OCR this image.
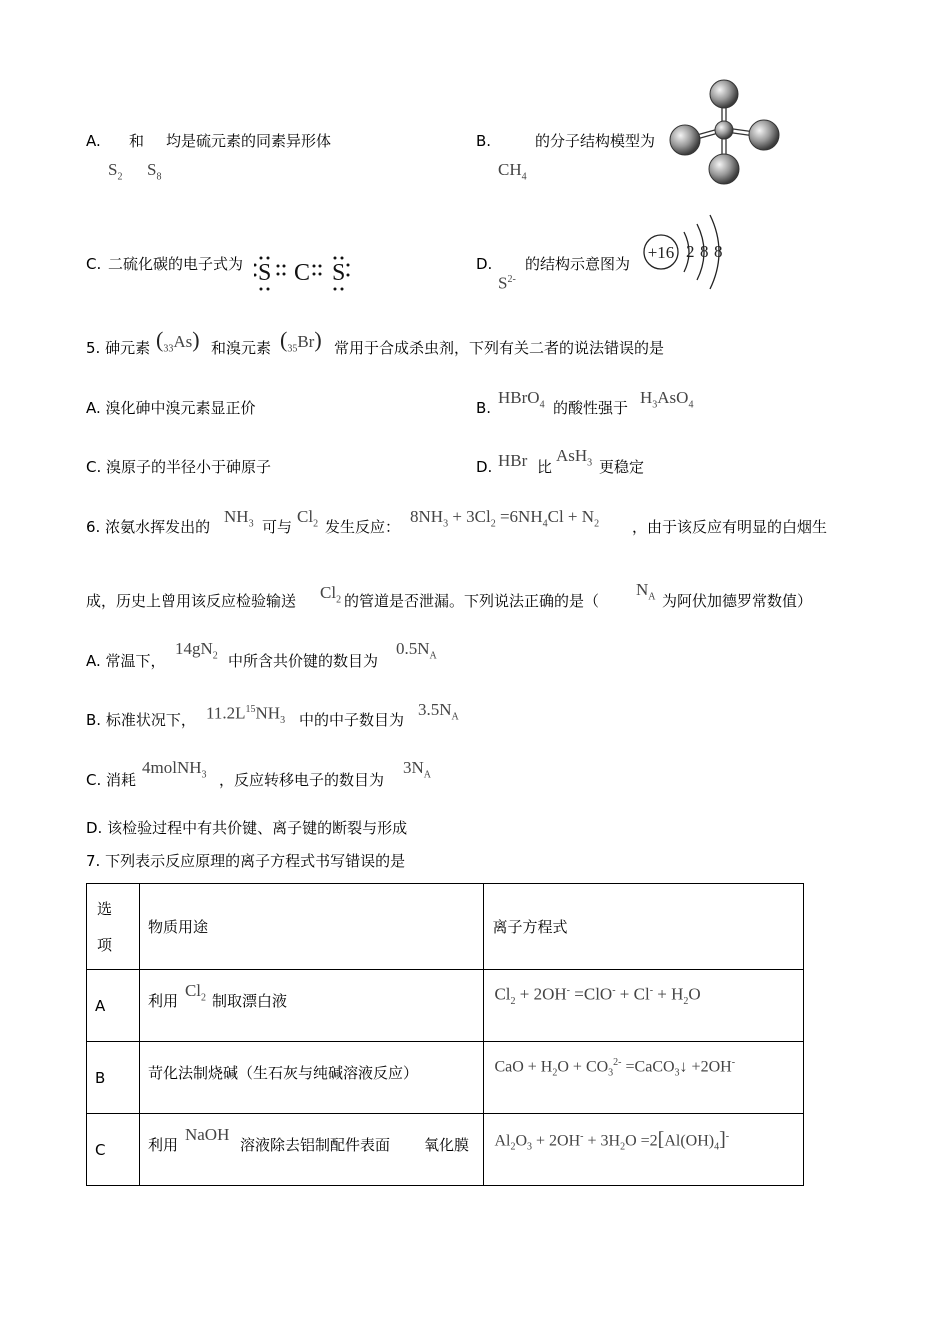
A. 和 均是硫元素的同素异形体
$S_2$ $S_8$
B.	的分子结构模型为
$CH_4$
C. 二硫化碳的电子式为 S C S	D. 的结构示意图为
$S^{2-}$
+16 2 8 8
5. 砷元素 $(_{33}As)$ 和溴元素 $(_{35}Br)$ 常用于合成杀虫剂，下列有关二者的说法错误的是
A. 溴化砷中溴元素显正价	B.
HBrO$_4$ 的酸性强于
$H_3AsO_4$
C. 溴原子的半径小于砷原子	D. HBr 比
AsH$_3$ 更稳定
6. 浓氨水挥发出的
$NH_3$ 可与
$Cl_2$ 发生反应：
$8NH_3 + 3Cl_2 =6NH_4Cl + N_2$ ，由于该反应有明显的白烟生
成，历史上曾用该反应检验输送 $Cl_2$ 的管道是否泄漏。下列说法正确的是（
$N_A$ 为阿伏加德罗常数值）
A. 常温下，
$14gN_2$ 中所含共价键的数目为
$0.5N_A$
B. 标准状况下， $11.2L^{15}NH_3$ 中的中子数目为
$3.5N_A$
C. 消耗
4molNH$_3$ ，反应转移电子的数目为
$3N_A$
D. 该检验过程中有共价键、离子键的断裂与形成
7. 下列表示反应原理的离子方程式书写错误的是
选项	物质用途	离子方程式
A	利用
$Cl_2$ 制取漂白液	$Cl_2 + 2OH^- =ClO^- + Cl^- + H_2O$

B	苛化法制烧碱（生石灰与纯碱溶液反应）	CaO + $H_2O + CO_3^{2-}$ =CaCO$_3$↓ +2OH-

C	利用
NaOH
溶液除去铝制配件表面 氧化膜	$Al_2O_3 + 2OH^- + 3H_2O =2[Al(OH)_4]^-$
